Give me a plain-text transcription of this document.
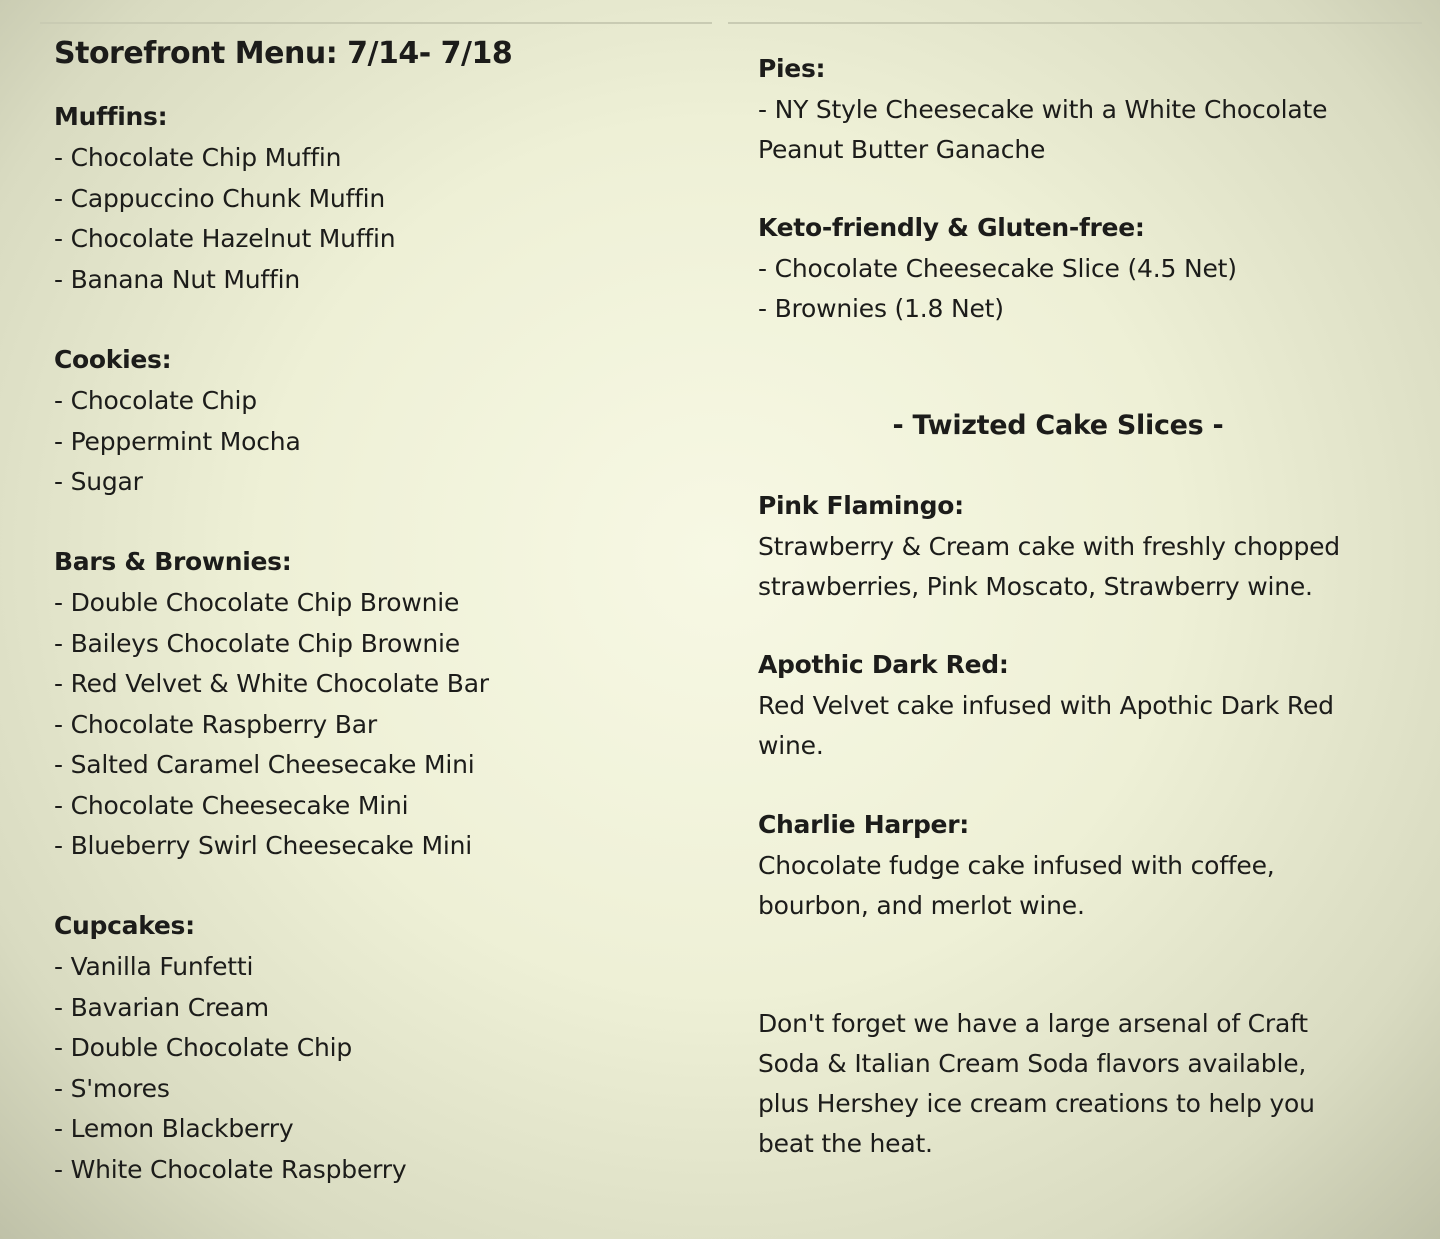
Storefront Menu: 7/14- 7/18
Muffins:
- Chocolate Chip Muffin
- Cappuccino Chunk Muffin
- Chocolate Hazelnut Muffin
- Banana Nut Muffin
Cookies:
- Chocolate Chip
- Peppermint Mocha
- Sugar
Bars & Brownies:
- Double Chocolate Chip Brownie
- Baileys Chocolate Chip Brownie
- Red Velvet & White Chocolate Bar
- Chocolate Raspberry Bar
- Salted Caramel Cheesecake Mini
- Chocolate Cheesecake Mini
- Blueberry Swirl Cheesecake Mini
Cupcakes:
- Vanilla Funfetti
- Bavarian Cream
- Double Chocolate Chip
- S'mores
- Lemon Blackberry
- White Chocolate Raspberry
Pies:
- NY Style Cheesecake with a White Chocolate
Peanut Butter Ganache
Keto-friendly & Gluten-free:
- Chocolate Cheesecake Slice (4.5 Net)
- Brownies (1.8 Net)
- Twizted Cake Slices -
Pink Flamingo:
Strawberry & Cream cake with freshly chopped
strawberries, Pink Moscato, Strawberry wine.
Apothic Dark Red:
Red Velvet cake infused with Apothic Dark Red
wine.
Charlie Harper:
Chocolate fudge cake infused with coffee,
bourbon, and merlot wine.
Don't forget we have a large arsenal of Craft
Soda & Italian Cream Soda flavors available,
plus Hershey ice cream creations to help you
beat the heat.
